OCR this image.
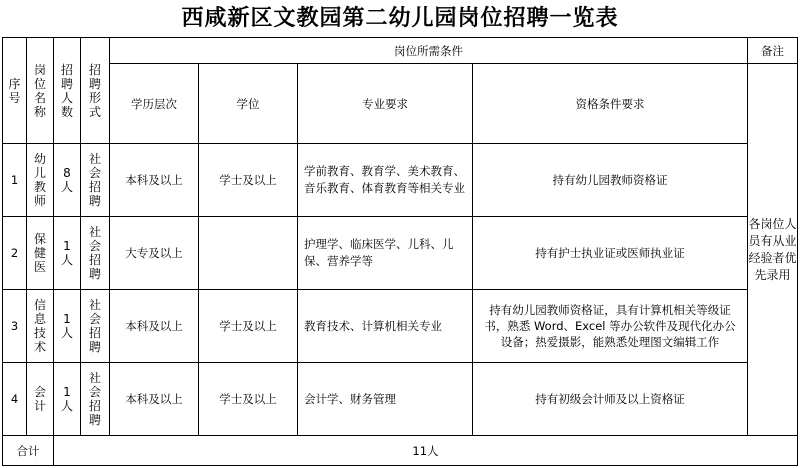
西咸新区文教园第二幼儿园岗位招聘一览表
序号	岗位名称	招聘人数	招聘形式	岗位所需条件				备注
				学历层次	学位	专业要求	资格条件要求	各岗位人员有从业经验者优先录用
1	幼儿教师	8人	社会招聘	本科及以上	学士及以上	学前教育、教育学、美术教育、音乐教育、体育教育等相关专业	持有幼儿园教师资格证	
2	保健医	1人	社会招聘	大专及以上		护理学、临床医学、儿科、儿保、营养学等	持有护士执业证或医师执业证	
3	信息技术	1人	社会招聘	本科及以上	学士及以上	教育技术、计算机相关专业	持有幼儿园教师资格证，具有计算机相关等级证书，熟悉 Word、Excel 等办公软件及现代化办公设备；热爱摄影，能熟悉处理图文编辑工作	
4	会计	1人	社会招聘	本科及以上	学士及以上	会计学、财务管理	持有初级会计师及以上资格证	
合计		11人						
